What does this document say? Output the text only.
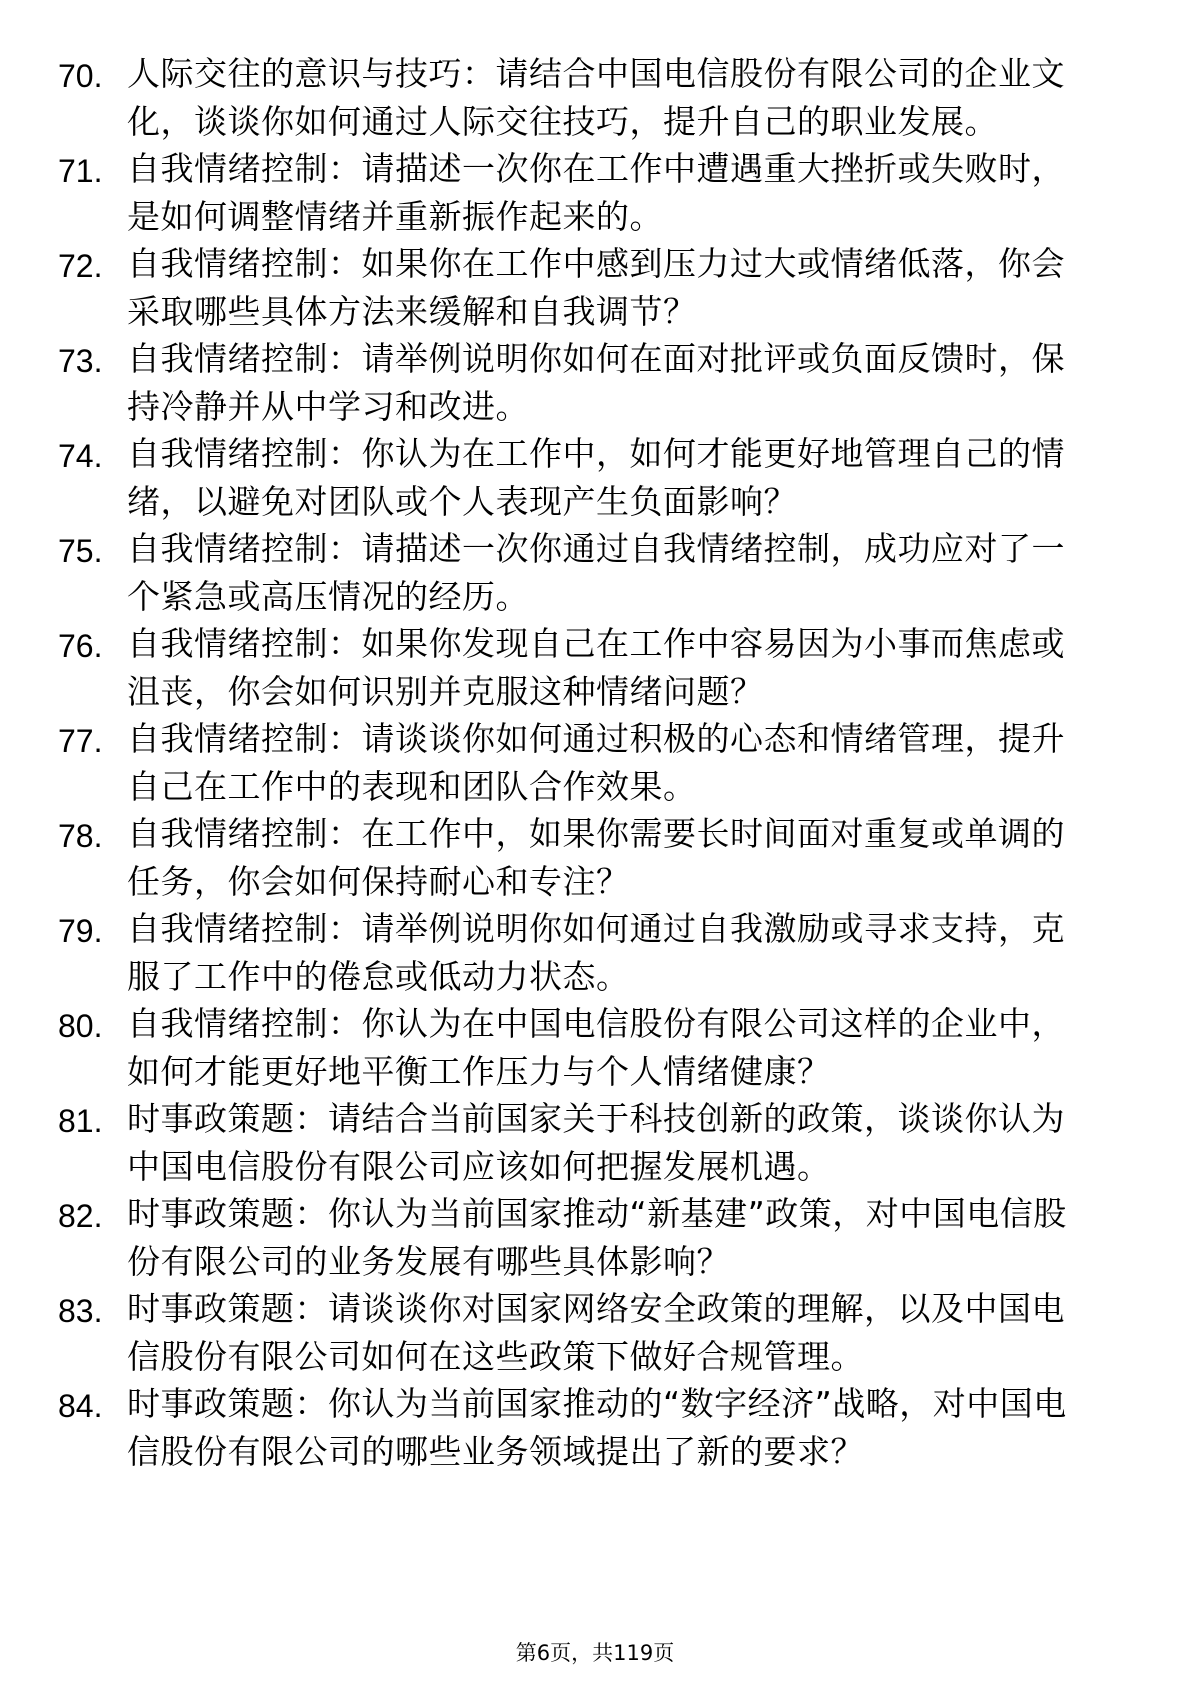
70. 人际交往的意识与技巧：请结合中国电信股份有限公司的企业文
化，谈谈你如何通过人际交往技巧，提升自己的职业发展。
71. 自我情绪控制：请描述一次你在工作中遭遇重大挫折或失败时，
是如何调整情绪并重新振作起来的。
72. 自我情绪控制：如果你在工作中感到压力过大或情绪低落，你会
采取哪些具体方法来缓解和自我调节？
73. 自我情绪控制：请举例说明你如何在面对批评或负面反馈时，保
持冷静并从中学习和改进。
74. 自我情绪控制：你认为在工作中，如何才能更好地管理自己的情
绪，以避免对团队或个人表现产生负面影响？
75. 自我情绪控制：请描述一次你通过自我情绪控制，成功应对了一
个紧急或高压情况的经历。
76. 自我情绪控制：如果你发现自己在工作中容易因为小事而焦虑或
沮丧，你会如何识别并克服这种情绪问题？
77. 自我情绪控制：请谈谈你如何通过积极的心态和情绪管理，提升
自己在工作中的表现和团队合作效果。
78. 自我情绪控制：在工作中，如果你需要长时间面对重复或单调的
任务，你会如何保持耐心和专注？
79. 自我情绪控制：请举例说明你如何通过自我激励或寻求支持，克
服了工作中的倦怠或低动力状态。
80. 自我情绪控制：你认为在中国电信股份有限公司这样的企业中，
如何才能更好地平衡工作压力与个人情绪健康？
81. 时事政策题：请结合当前国家关于科技创新的政策，谈谈你认为
中国电信股份有限公司应该如何把握发展机遇。
82. 时事政策题：你认为当前国家推动“新基建”政策，对中国电信股
份有限公司的业务发展有哪些具体影响？
83. 时事政策题：请谈谈你对国家网络安全政策的理解，以及中国电
信股份有限公司如何在这些政策下做好合规管理。
84. 时事政策题：你认为当前国家推动的“数字经济”战略，对中国电
信股份有限公司的哪些业务领域提出了新的要求？
第6页，共119页
